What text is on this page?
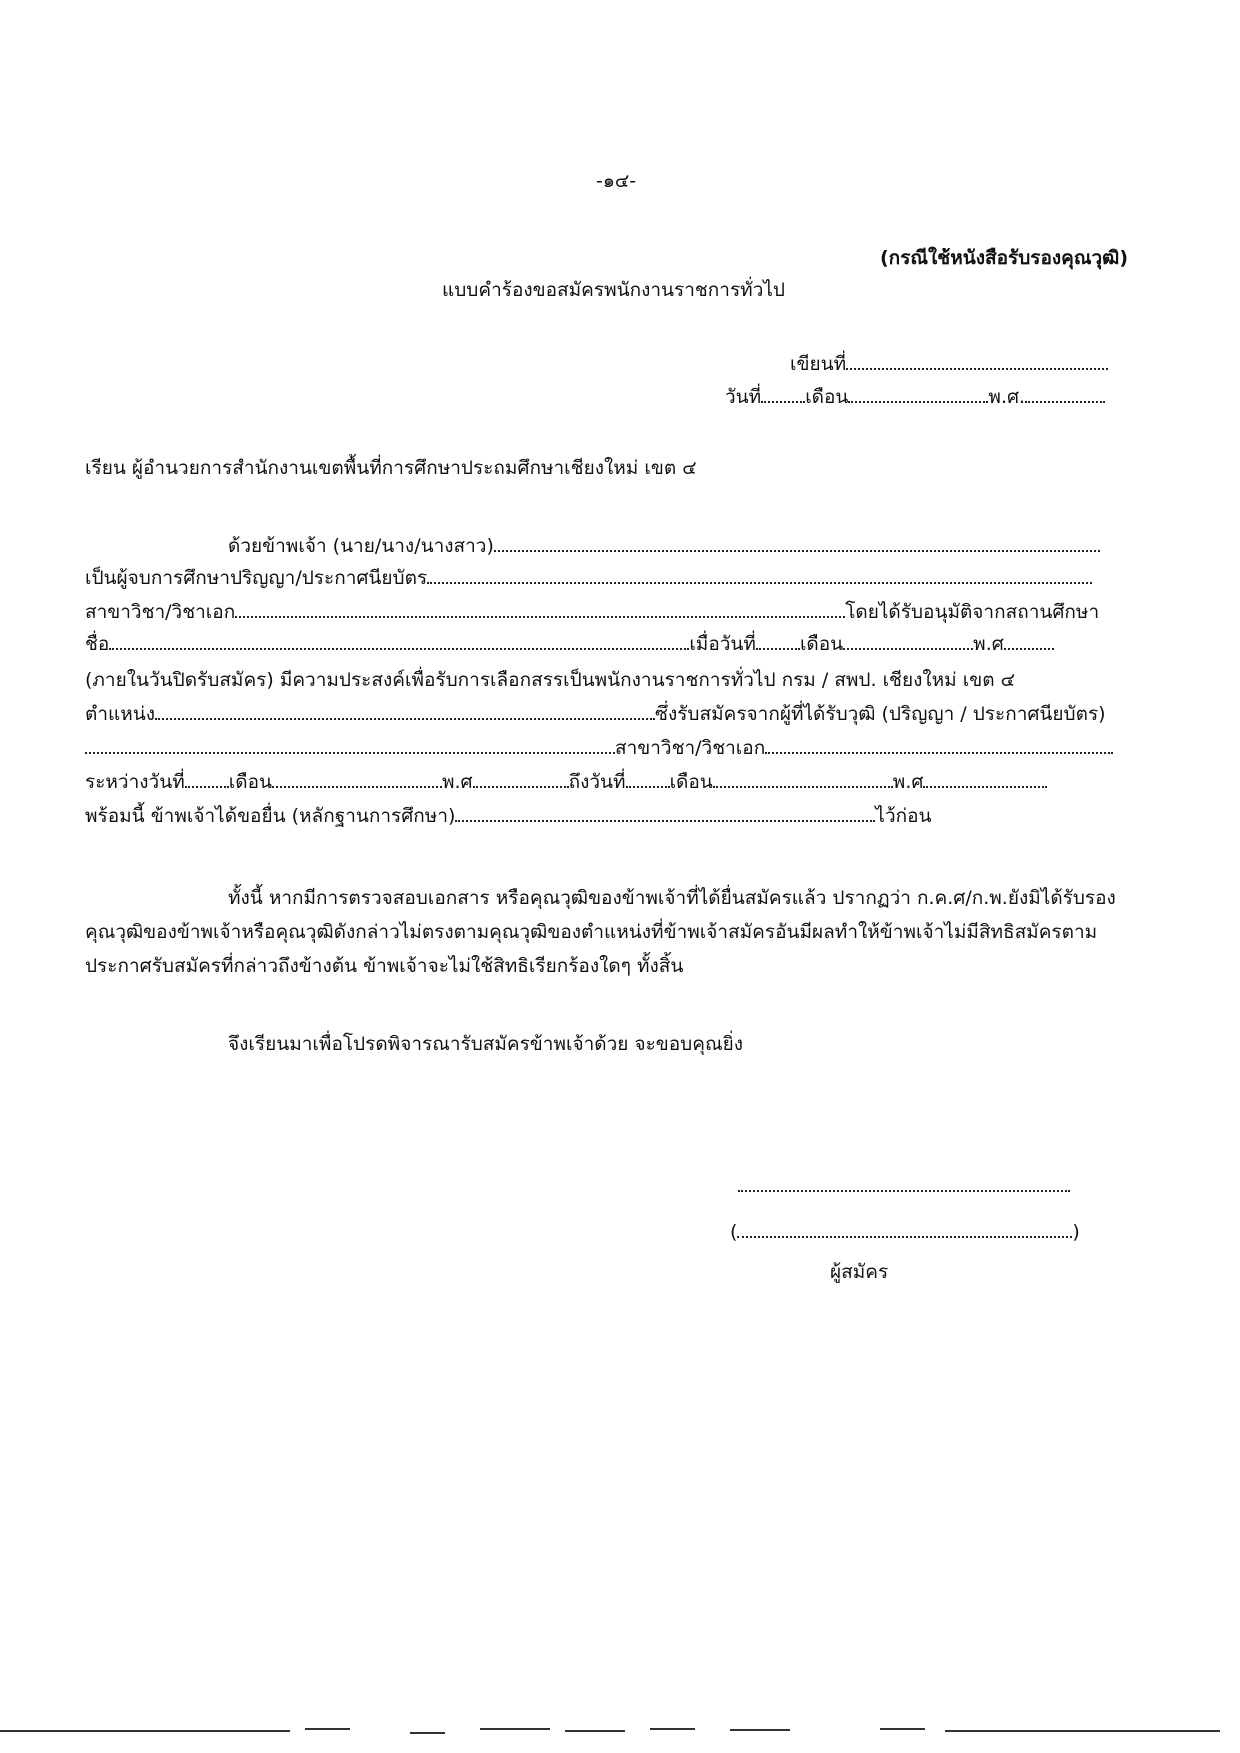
-๑๔-
(กรณีใช้หนังสือรับรองคุณวุฒิ)
แบบคำร้องขอสมัครพนักงานราชการทั่วไป
เขียนที่
วันที่ เดือน	พ.ศ.
เรียน ผู้อำนวยการสำนักงานเขตพื้นที่การศึกษาประถมศึกษาเชียงใหม่ เขต ๔
ด้วยข้าพเจ้า (นาย/นาง/นางสาว)
เป็นผู้จบการศึกษาปริญญา/ประกาศนียบัตร
สาขาวิชา/วิชาเอก	โดยได้รับอนุมัติจากสถานศึกษา
ชื่อ	เมื่อวันที่ เดือน	พ.ศ
(ภายในวันปิดรับสมัคร) มีความประสงค์เพื่อรับการเลือกสรรเป็นพนักงานราชการทั่วไป กรม / สพป. เชียงใหม่ เขต ๔
ตำแหน่ง	ซึ่งรับสมัครจากผู้ที่ได้รับวุฒิ (ปริญญา / ประกาศนียบัตร)
สาขาวิชา/วิชาเอก
ระหว่างวันที่ เดือน	พ.ศ	ถึงวันที่ เดือน	พ.ศ
พร้อมนี้ ข้าพเจ้าได้ขอยื่น (หลักฐานการศึกษา)	ไว้ก่อน
ทั้งนี้ หากมีการตรวจสอบเอกสาร หรือคุณวุฒิของข้าพเจ้าที่ได้ยื่นสมัครแล้ว ปรากฏว่า ก.ค.ศ/ก.พ.ยังมิได้รับรอง
คุณวุฒิของข้าพเจ้าหรือคุณวุฒิดังกล่าวไม่ตรงตามคุณวุฒิของตำแหน่งที่ข้าพเจ้าสมัครอันมีผลทำให้ข้าพเจ้าไม่มีสิทธิสมัครตาม
ประกาศรับสมัครที่กล่าวถึงข้างต้น ข้าพเจ้าจะไม่ใช้สิทธิเรียกร้องใดๆ ทั้งสิ้น
จึงเรียนมาเพื่อโปรดพิจารณารับสมัครข้าพเจ้าด้วย จะขอบคุณยิ่ง
(	)
ผู้สมัคร
